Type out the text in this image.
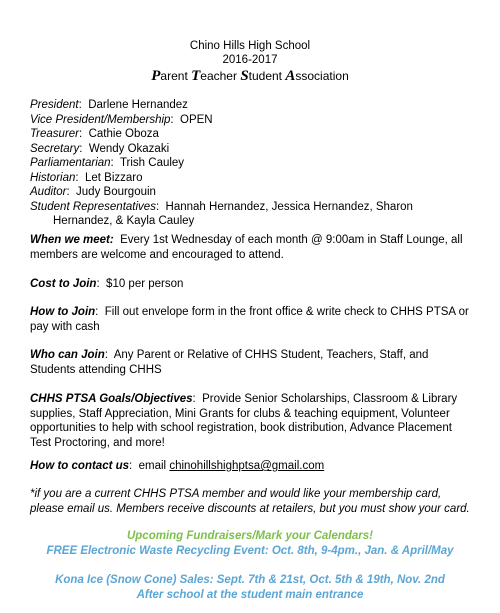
Chino Hills High School
2016-2017
Parent Teacher Student Association
President:  Darlene Hernandez
Vice President/Membership:  OPEN
Treasurer:  Cathie Oboza
Secretary:  Wendy Okazaki
Parliamentarian:  Trish Cauley
Historian:  Let Bizzaro
Auditor:  Judy Bourgouin
Student Representatives:  Hannah Hernandez, Jessica Hernandez, Sharon
Hernandez, & Kayla Cauley
When we meet: Every 1st Wednesday of each month @ 9:00am in Staff Lounge, all members are welcome and encouraged to attend.
Cost to Join:  $10 per person
How to Join:  Fill out envelope form in the front office & write check to CHHS PTSA or pay with cash
Who can Join:  Any Parent or Relative of CHHS Student, Teachers, Staff, and Students attending CHHS
CHHS PTSA Goals/Objectives:  Provide Senior Scholarships, Classroom & Library supplies, Staff Appreciation, Mini Grants for clubs & teaching equipment, Volunteer opportunities to help with school registration, book distribution, Advance Placement Test Proctoring, and more!
How to contact us:  email chinohillshighptsa@gmail.com
*if you are a current CHHS PTSA member and would like your membership card, please email us. Members receive discounts at retailers, but you must show your card.
Upcoming Fundraisers/Mark your Calendars!
FREE Electronic Waste Recycling Event: Oct. 8th, 9-4pm., Jan. & April/May
Kona Ice (Snow Cone) Sales: Sept. 7th & 21st, Oct. 5th & 19th, Nov. 2nd
After school at the student main entrance
